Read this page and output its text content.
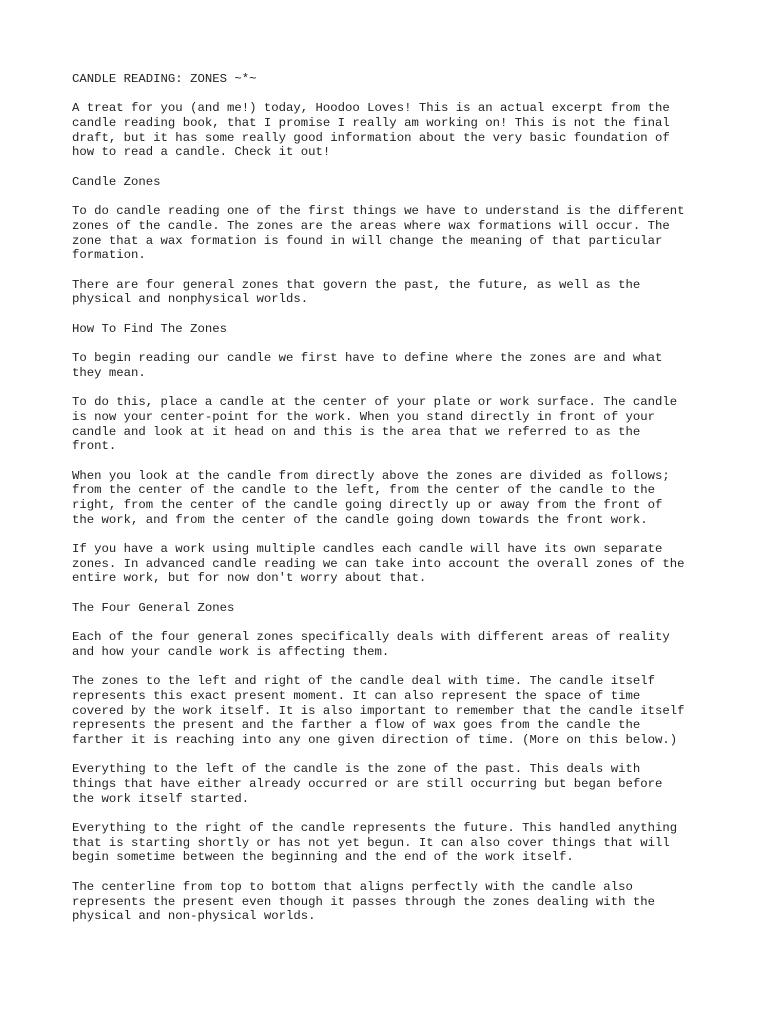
CANDLE READING: ZONES ~*~
A treat for you (and me!) today, Hoodoo Loves! This is an actual excerpt from the
candle reading book, that I promise I really am working on! This is not the final
draft, but it has some really good information about the very basic foundation of
how to read a candle. Check it out!
Candle Zones
To do candle reading one of the first things we have to understand is the different
zones of the candle. The zones are the areas where wax formations will occur. The
zone that a wax formation is found in will change the meaning of that particular
formation.
There are four general zones that govern the past, the future, as well as the
physical and nonphysical worlds.
How To Find The Zones
To begin reading our candle we first have to define where the zones are and what
they mean.
To do this, place a candle at the center of your plate or work surface. The candle
is now your center-point for the work. When you stand directly in front of your
candle and look at it head on and this is the area that we referred to as the
front.
When you look at the candle from directly above the zones are divided as follows;
from the center of the candle to the left, from the center of the candle to the
right, from the center of the candle going directly up or away from the front of
the work, and from the center of the candle going down towards the front work.
If you have a work using multiple candles each candle will have its own separate
zones. In advanced candle reading we can take into account the overall zones of the
entire work, but for now don't worry about that.
The Four General Zones
Each of the four general zones specifically deals with different areas of reality
and how your candle work is affecting them.
The zones to the left and right of the candle deal with time. The candle itself
represents this exact present moment. It can also represent the space of time
covered by the work itself. It is also important to remember that the candle itself
represents the present and the farther a flow of wax goes from the candle the
farther it is reaching into any one given direction of time. (More on this below.)
Everything to the left of the candle is the zone of the past. This deals with
things that have either already occurred or are still occurring but began before
the work itself started.
Everything to the right of the candle represents the future. This handled anything
that is starting shortly or has not yet begun. It can also cover things that will
begin sometime between the beginning and the end of the work itself.
The centerline from top to bottom that aligns perfectly with the candle also
represents the present even though it passes through the zones dealing with the
physical and non-physical worlds.
